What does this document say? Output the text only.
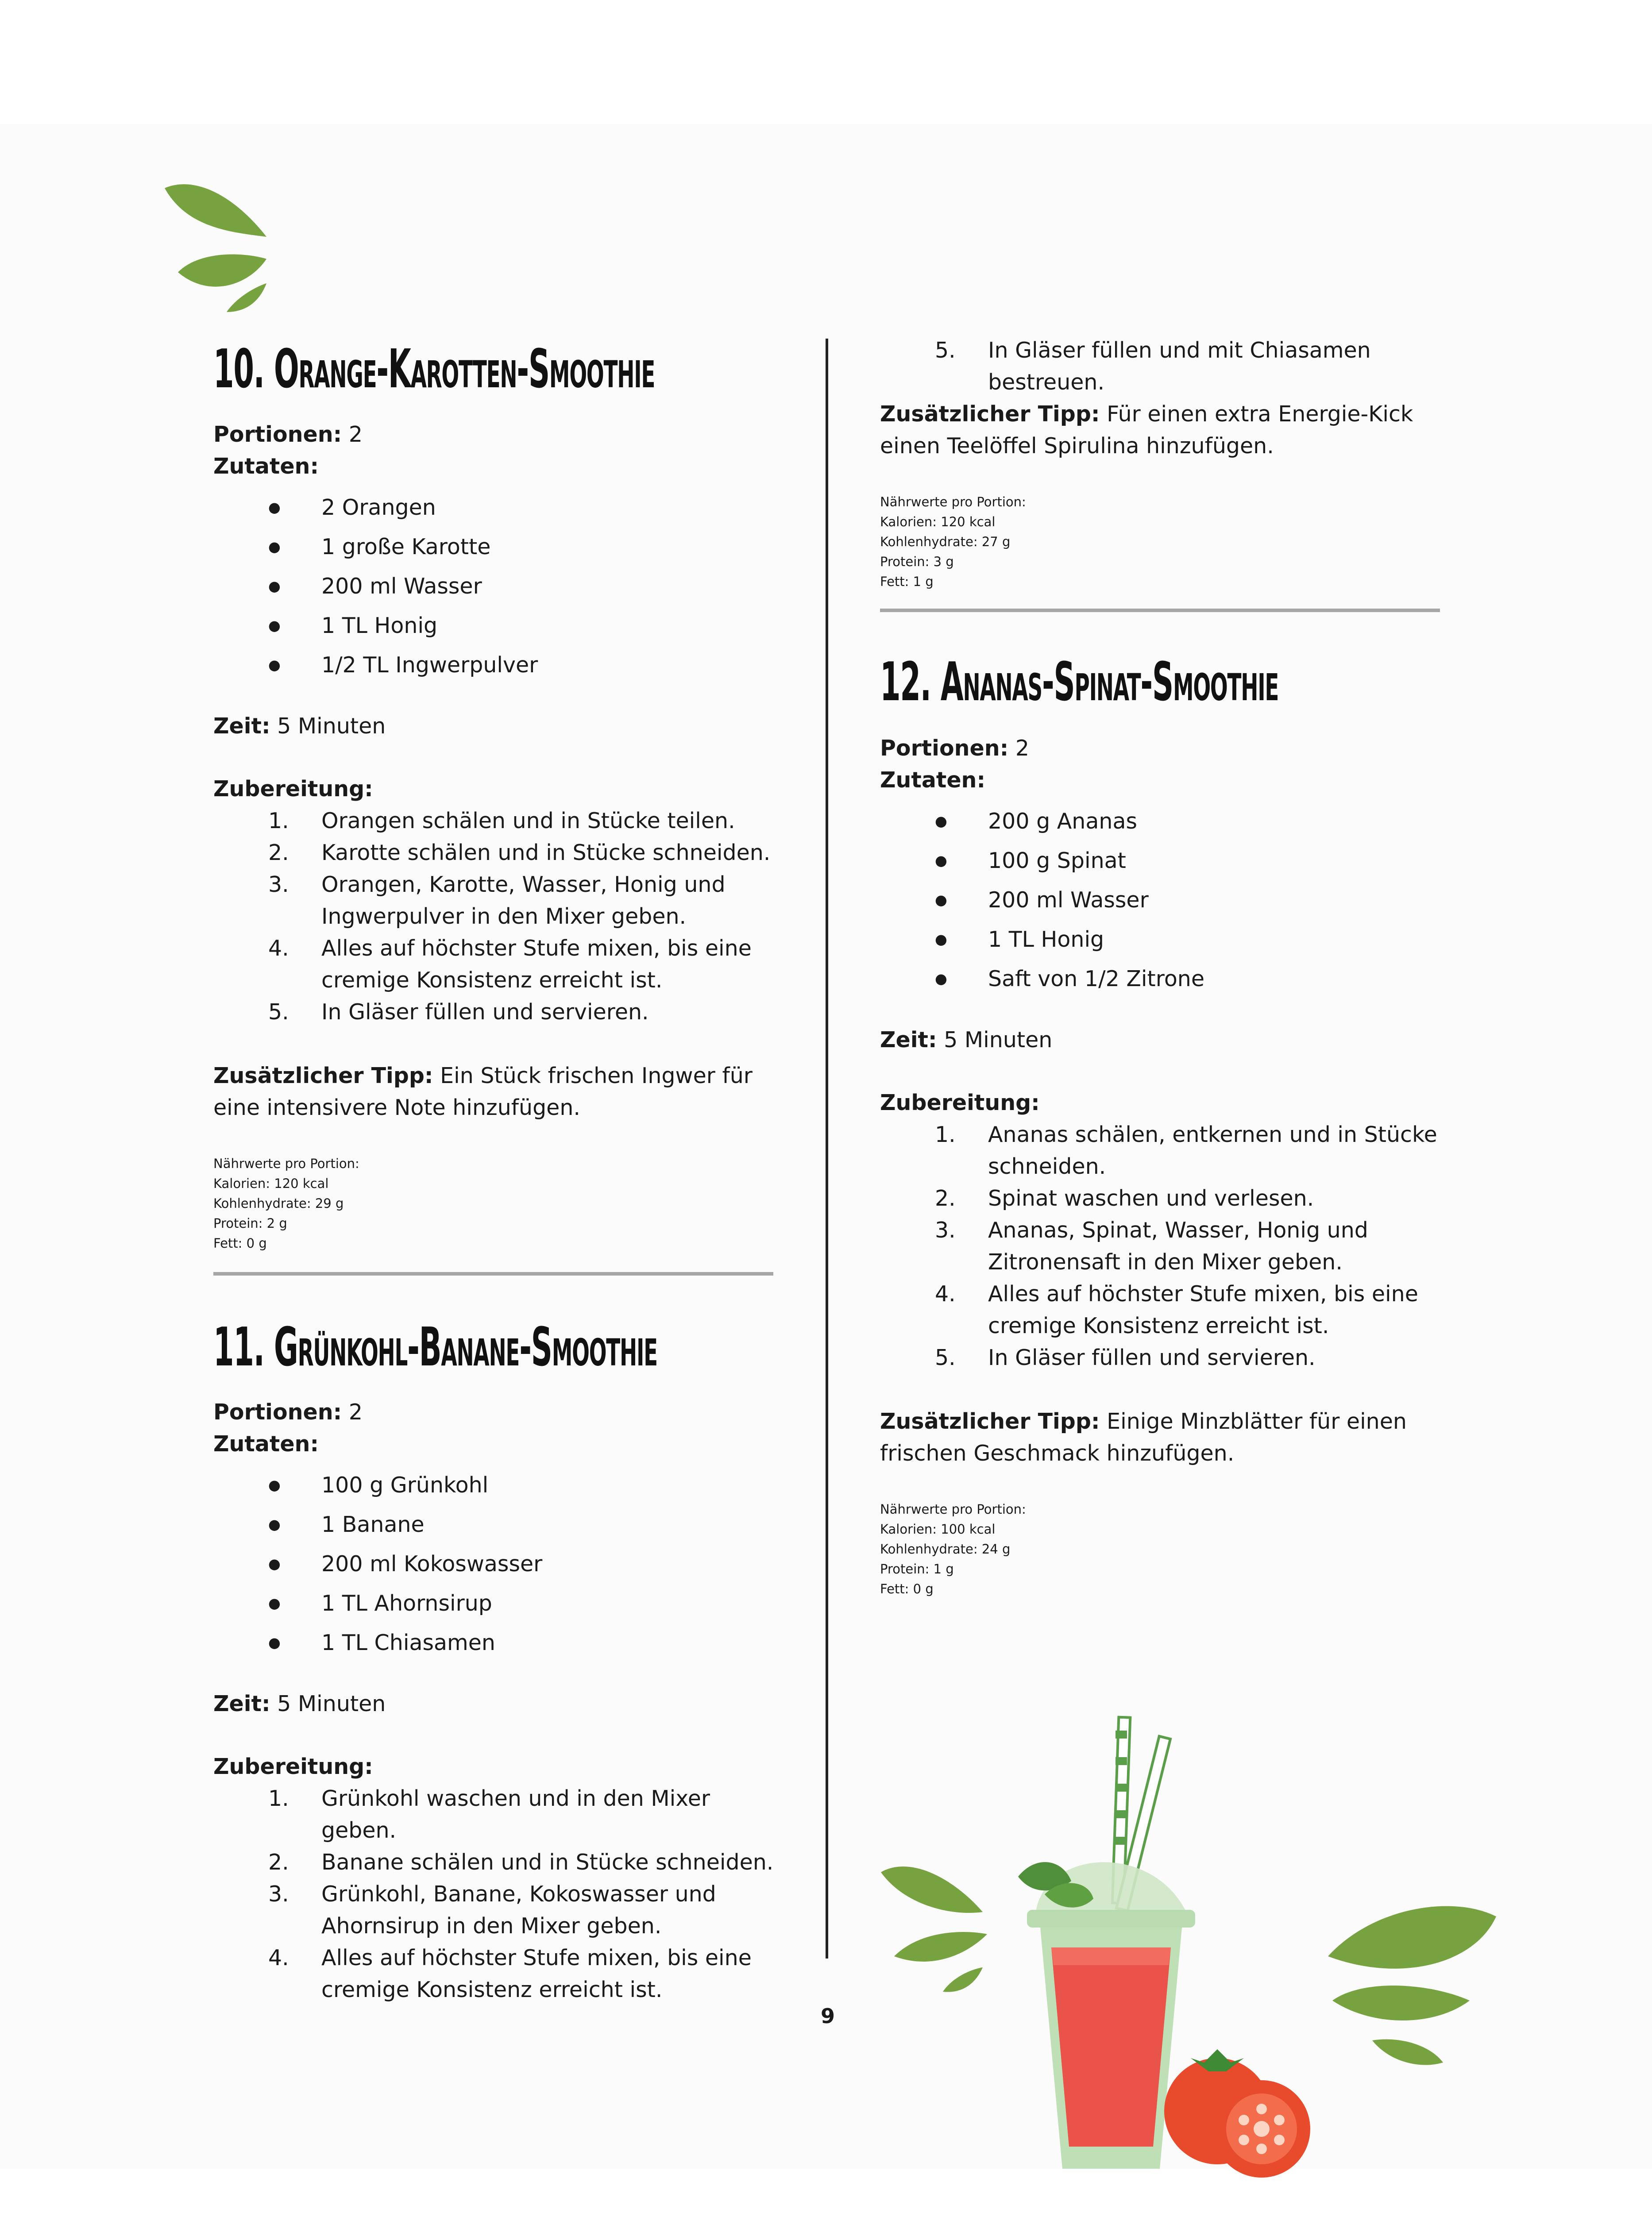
10. Orange-Karotten-Smoothie

Portionen: 2

Zutaten:

● 2 Orangen
● 1 große Karotte
● 200 ml Wasser
● 1 TL Honig
● 1/2 TL Ingwerpulver

Zeit: 5 Minuten

Zubereitung:

1. Orangen schälen und in Stücke teilen.
2. Karotte schälen und in Stücke schneiden.
3. Orangen, Karotte, Wasser, Honig und Ingwerpulver in den Mixer geben.
4. Alles auf höchster Stufe mixen, bis eine cremige Konsistenz erreicht ist.
5. In Gläser füllen und servieren.

Zusätzlicher Tipp: Ein Stück frischen Ingwer für eine intensivere Note hinzufügen.

Nährwerte pro Portion:

Kalorien: 120 kcal

Kohlenhydrate: 29 g

Protein: 2 g

Fett: 0 g

11. Grünkohl-Banane-Smoothie

Portionen: 2

Zutaten:

● 100 g Grünkohl
● 1 Banane
● 200 ml Kokoswasser
● 1 TL Ahornsirup
● 1 TL Chiasamen

Zeit: 5 Minuten

Zubereitung:

1. Grünkohl waschen und in den Mixer geben.
2. Banane schälen und in Stücke schneiden.
3. Grünkohl, Banane, Kokoswasser und Ahornsirup in den Mixer geben.
4. Alles auf höchster Stufe mixen, bis eine cremige Konsistenz erreicht ist.
5. In Gläser füllen und mit Chiasamen bestreuen.

Zusätzlicher Tipp: Für einen extra Energie-Kick einen Teelöffel Spirulina hinzufügen.

Nährwerte pro Portion:

Kalorien: 120 kcal

Kohlenhydrate: 27 g

Protein: 3 g

Fett: 1 g

12. Ananas-Spinat-Smoothie

Portionen: 2

Zutaten:

● 200 g Ananas
● 100 g Spinat
● 200 ml Wasser
● 1 TL Honig
● Saft von 1/2 Zitrone

Zeit: 5 Minuten

Zubereitung:

1. Ananas schälen, entkernen und in Stücke schneiden.
2. Spinat waschen und verlesen.
3. Ananas, Spinat, Wasser, Honig und Zitronensaft in den Mixer geben.
4. Alles auf höchster Stufe mixen, bis eine cremige Konsistenz erreicht ist.
5. In Gläser füllen und servieren.

Zusätzlicher Tipp: Einige Minzblätter für einen frischen Geschmack hinzufügen.

Nährwerte pro Portion:

Kalorien: 100 kcal

Kohlenhydrate: 24 g

Protein: 1 g

Fett: 0 g

9
